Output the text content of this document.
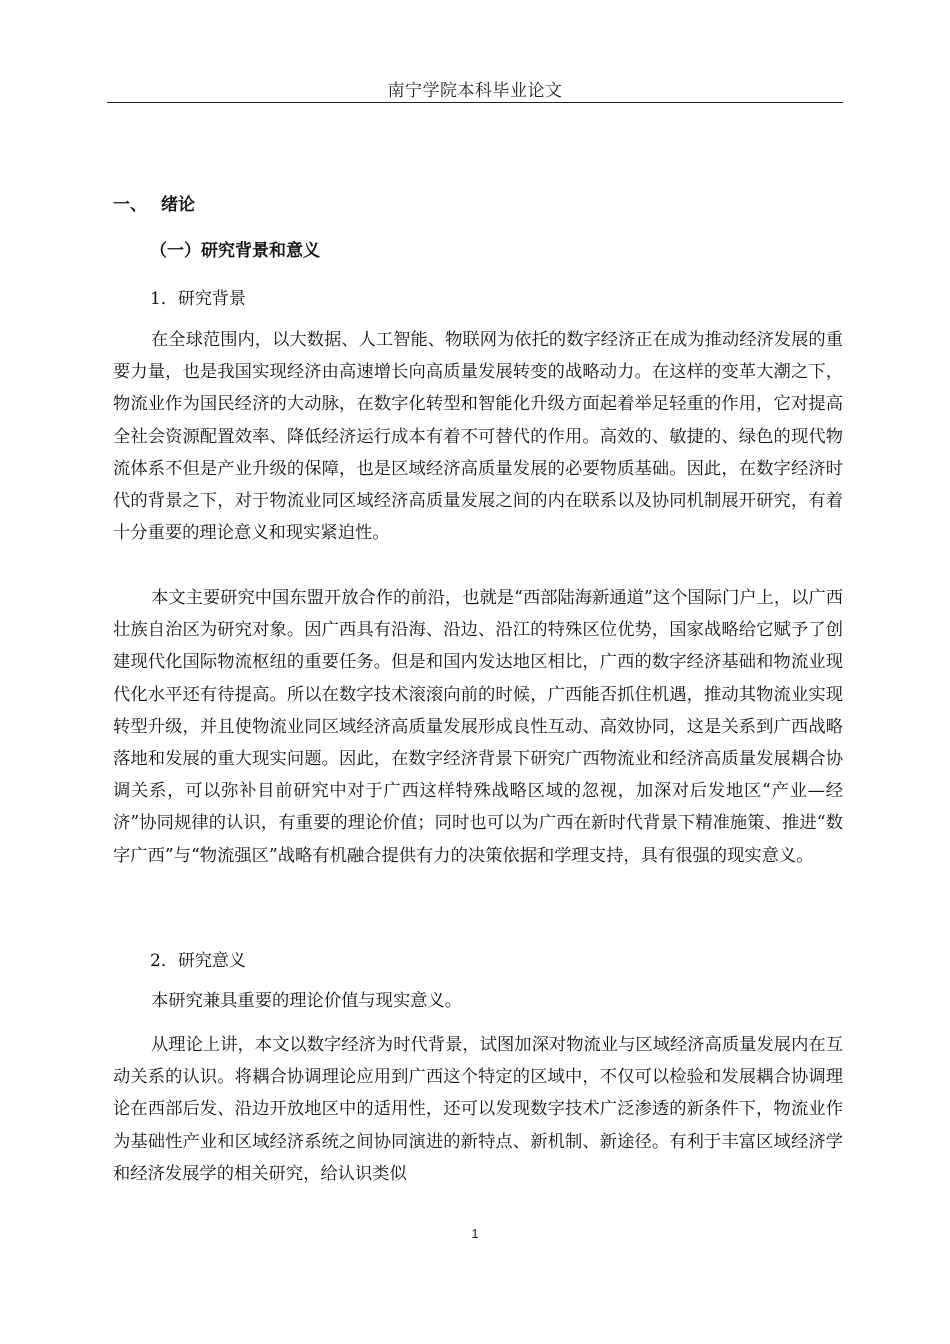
南宁学院本科毕业论文
一、 绪论
（一）研究背景和意义
1．研究背景

在全球范围内，以大数据、人工智能、物联网为依托的数字经济正在成为推动经济发展的重要力量，也是我国实现经济由高速增长向高质量发展转变的战略动力。在这样的变革大潮之下，物流业作为国民经济的大动脉，在数字化转型和智能化升级方面起着举足轻重的作用，它对提高全社会资源配置效率、降低经济运行成本有着不可替代的作用。高效的、敏捷的、绿色的现代物流体系不但是产业升级的保障，也是区域经济高质量发展的必要物质基础。因此，在数字经济时代的背景之下，对于物流业同区域经济高质量发展之间的内在联系以及协同机制展开研究，有着十分重要的理论意义和现实紧迫性。

本文主要研究中国东盟开放合作的前沿，也就是“西部陆海新通道”这个国际门户上，以广西壮族自治区为研究对象。因广西具有沿海、沿边、沿江的特殊区位优势，国家战略给它赋予了创建现代化国际物流枢纽的重要任务。但是和国内发达地区相比，广西的数字经济基础和物流业现代化水平还有待提高。所以在数字技术滚滚向前的时候，广西能否抓住机遇，推动其物流业实现转型升级，并且使物流业同区域经济高质量发展形成良性互动、高效协同，这是关系到广西战略落地和发展的重大现实问题。因此，在数字经济背景下研究广西物流业和经济高质量发展耦合协调关系，可以弥补目前研究中对于广西这样特殊战略区域的忽视，加深对后发地区“产业—经济”协同规律的认识，有重要的理论价值；同时也可以为广西在新时代背景下精准施策、推进“数字广西”与“物流强区”战略有机融合提供有力的决策依据和学理支持，具有很强的现实意义。

2．研究意义

本研究兼具重要的理论价值与现实意义。

从理论上讲，本文以数字经济为时代背景，试图加深对物流业与区域经济高质量发展内在互动关系的认识。将耦合协调理论应用到广西这个特定的区域中，不仅可以检验和发展耦合协调理论在西部后发、沿边开放地区中的适用性，还可以发现数字技术广泛渗透的新条件下，物流业作为基础性产业和区域经济系统之间协同演进的新特点、新机制、新途径。有利于丰富区域经济学和经济发展学的相关研究，给认识类似

1
